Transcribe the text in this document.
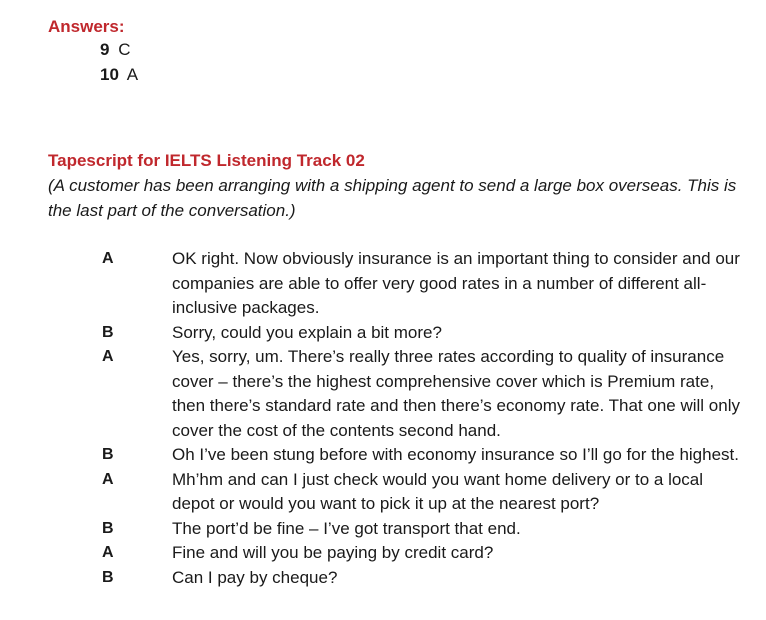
Answers:
9 C
10 A
Tapescript for IELTS Listening Track 02
(A customer has been arranging with a shipping agent to send a large box overseas. This is the last part of the conversation.)
A	OK right. Now obviously insurance is an important thing to consider and our companies are able to offer very good rates in a number of different all-inclusive packages.
B	Sorry, could you explain a bit more?
A	Yes, sorry, um. There’s really three rates according to quality of insurance cover – there’s the highest comprehensive cover which is Premium rate, then there’s standard rate and then there’s economy rate. That one will only cover the cost of the contents second hand.
B	Oh I’ve been stung before with economy insurance so I’ll go for the highest.
A	Mh’hm and can I just check would you want home delivery or to a local depot or would you want to pick it up at the nearest port?
B	The port’d be fine – I’ve got transport that end.
A	Fine and will you be paying by credit card?
B	Can I pay by cheque?
